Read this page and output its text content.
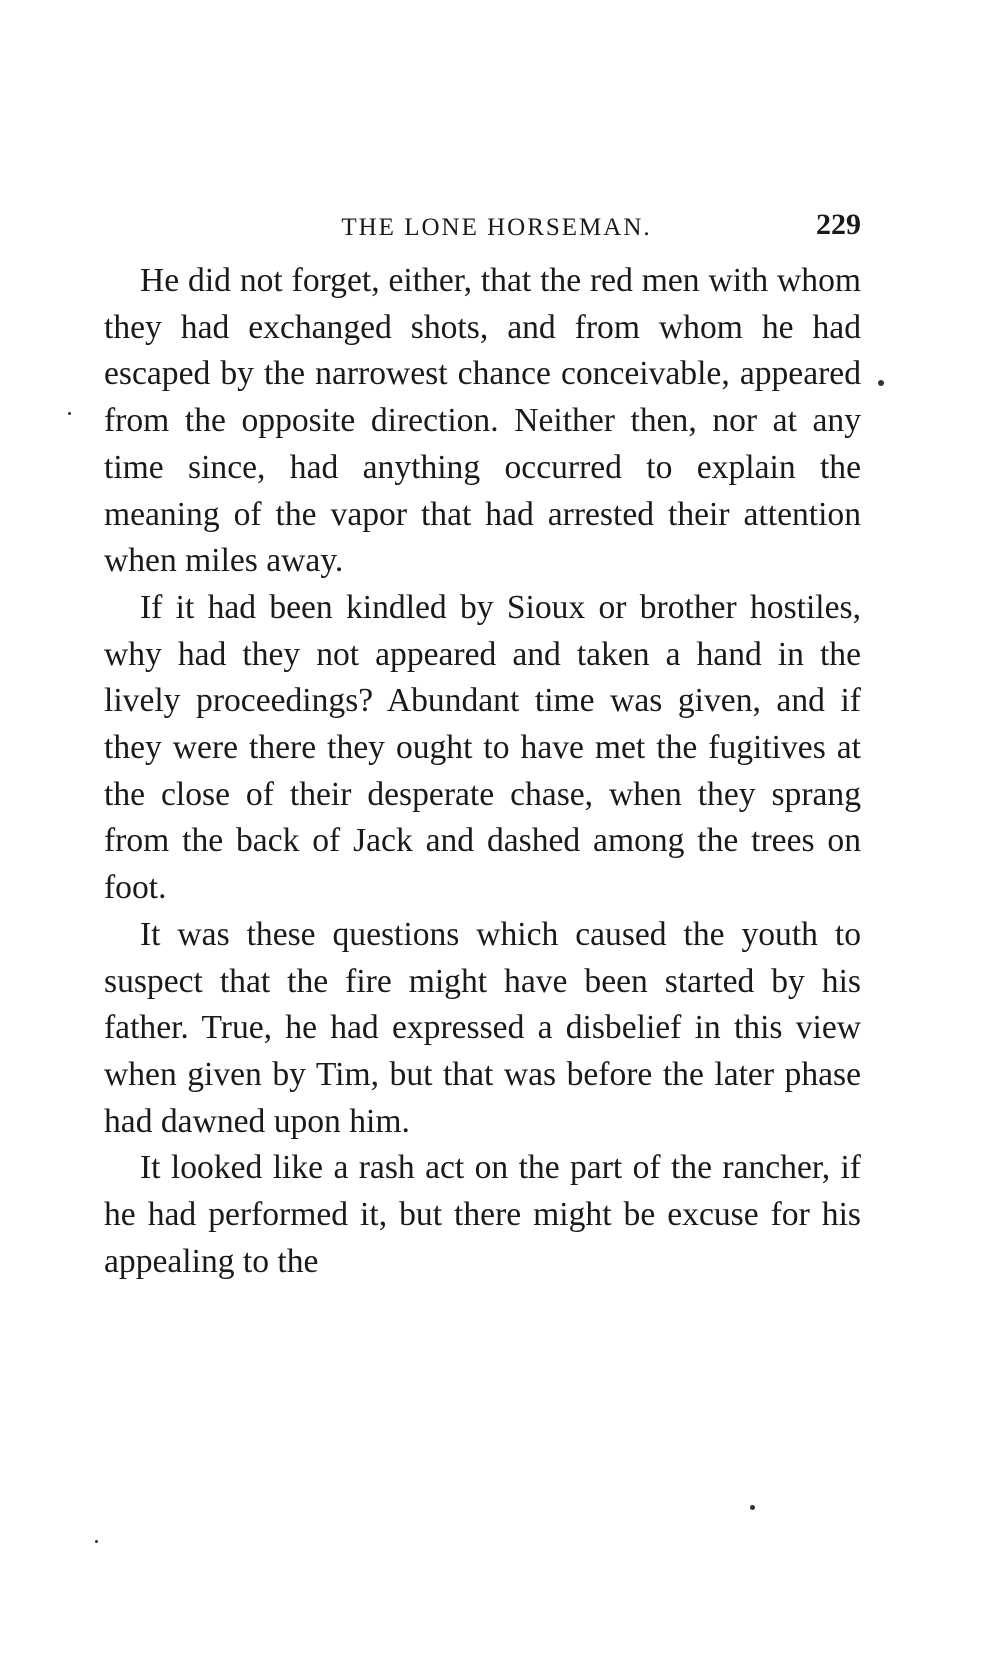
THE LONE HORSEMAN.	229

He did not forget, either, that the red men with whom they had exchanged shots, and from whom he had escaped by the narrowest chance conceivable, appeared from the opposite direction. Neither then, nor at any time since, had anything occurred to explain the meaning of the vapor that had arrested their attention when miles away.

If it had been kindled by Sioux or brother hostiles, why had they not appeared and taken a hand in the lively proceedings? Abundant time was given, and if they were there they ought to have met the fugitives at the close of their desperate chase, when they sprang from the back of Jack and dashed among the trees on foot.

It was these questions which caused the youth to suspect that the fire might have been started by his father. True, he had expressed a disbelief in this view when given by Tim, but that was before the later phase had dawned upon him.

It looked like a rash act on the part of the rancher, if he had performed it, but there might be excuse for his appealing to the
